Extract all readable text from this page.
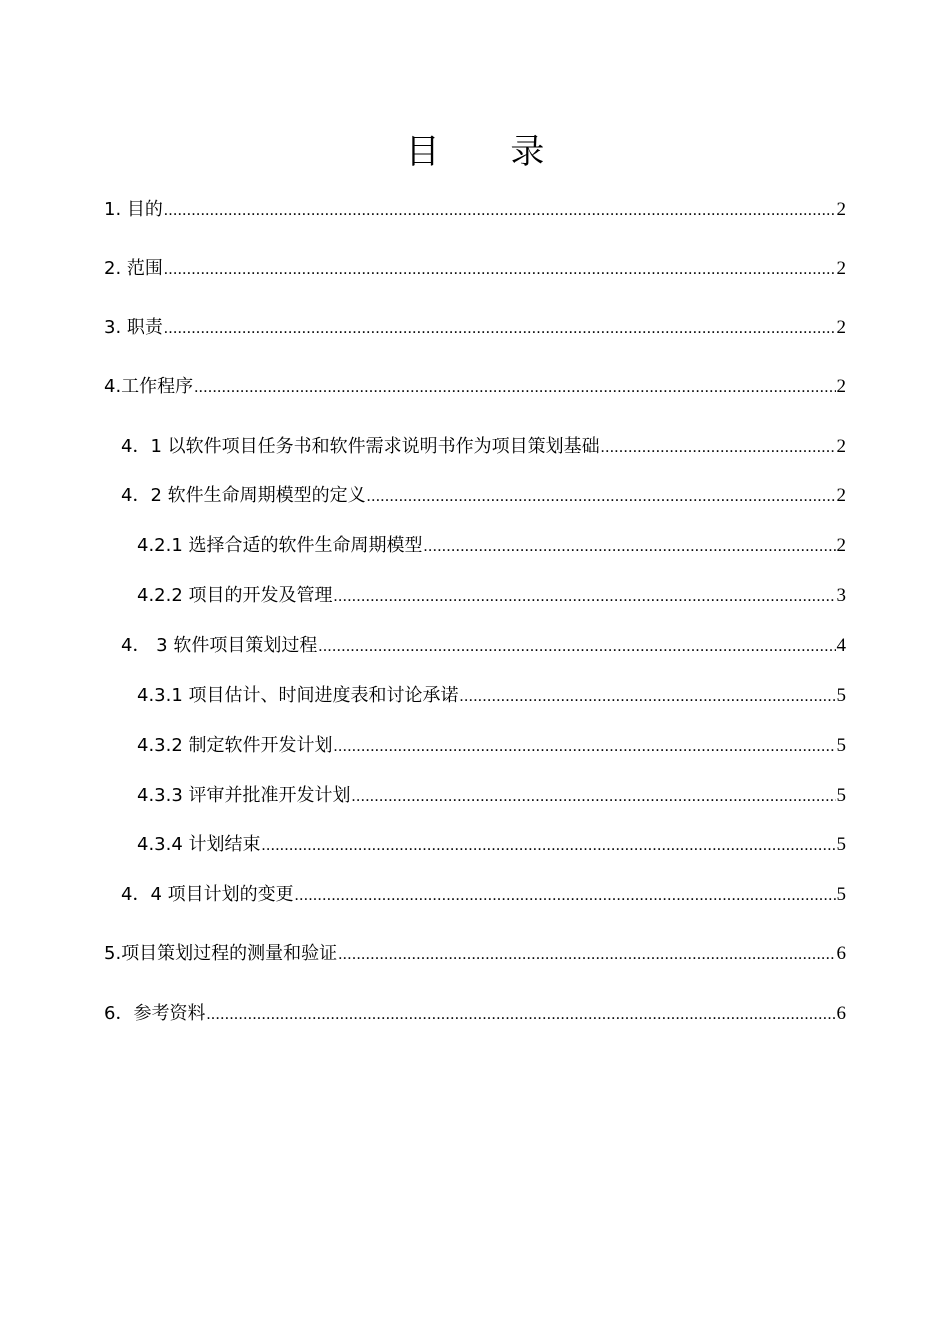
目 录
1. 目的 .....	2
2. 范围 .....	2
3. 职责 .....	2
4.工作程序 .....	2
4．1 以软件项目任务书和软件需求说明书作为项目策划基础 .....	2
4．2 软件生命周期模型的定义 .....	2
4.2.1 选择合适的软件生命周期模型 .....	2
4.2.2 项目的开发及管理 .....	3
4． 3 软件项目策划过程 .....	4
4.3.1 项目估计、时间进度表和讨论承诺 .....	5
4.3.2 制定软件开发计划 .....	5
4.3.3 评审并批准开发计划 .....	5
4.3.4 计划结束 .....	5
4．4 项目计划的变更 .....	5
5.项目策划过程的测量和验证 .....	6
6．参考资料 .....	6
